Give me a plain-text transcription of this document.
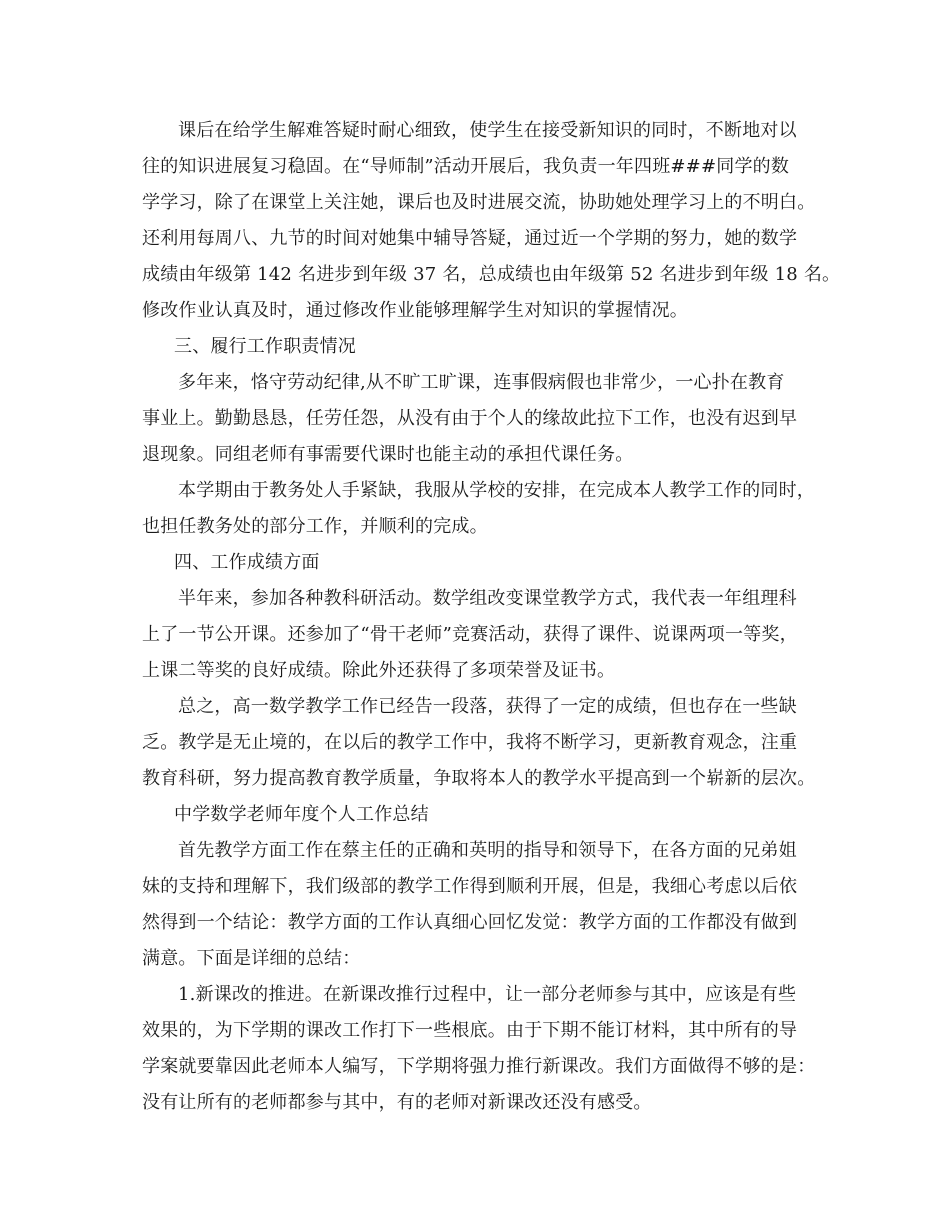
课后在给学生解难答疑时耐心细致，使学生在接受新知识的同时，不断地对以
往的知识进展复习稳固。在“导师制”活动开展后，我负责一年四班###同学的数
学学习，除了在课堂上关注她，课后也及时进展交流，协助她处理学习上的不明白。
还利用每周八、九节的时间对她集中辅导答疑，通过近一个学期的努力，她的数学
成绩由年级第 142 名进步到年级 37 名，总成绩也由年级第 52 名进步到年级 18 名。
修改作业认真及时，通过修改作业能够理解学生对知识的掌握情况。
三、履行工作职责情况
多年来，恪守劳动纪律,从不旷工旷课，连事假病假也非常少，一心扑在教育
事业上。勤勤恳恳，任劳任怨，从没有由于个人的缘故此拉下工作，也没有迟到早
退现象。同组老师有事需要代课时也能主动的承担代课任务。
本学期由于教务处人手紧缺，我服从学校的安排，在完成本人教学工作的同时，
也担任教务处的部分工作，并顺利的完成。
四、工作成绩方面
半年来，参加各种教科研活动。数学组改变课堂教学方式，我代表一年组理科
上了一节公开课。还参加了“骨干老师”竞赛活动，获得了课件、说课两项一等奖，
上课二等奖的良好成绩。除此外还获得了多项荣誉及证书。
总之，高一数学教学工作已经告一段落，获得了一定的成绩，但也存在一些缺
乏。教学是无止境的，在以后的教学工作中，我将不断学习，更新教育观念，注重
教育科研，努力提高教育教学质量，争取将本人的教学水平提高到一个崭新的层次。
中学数学老师年度个人工作总结
首先教学方面工作在蔡主任的正确和英明的指导和领导下，在各方面的兄弟姐
妹的支持和理解下，我们级部的教学工作得到顺利开展，但是，我细心考虑以后依
然得到一个结论：教学方面的工作认真细心回忆发觉：教学方面的工作都没有做到
满意。下面是详细的总结：
1.新课改的推进。在新课改推行过程中，让一部分老师参与其中，应该是有些
效果的，为下学期的课改工作打下一些根底。由于下期不能订材料，其中所有的导
学案就要靠因此老师本人编写，下学期将强力推行新课改。我们方面做得不够的是：
没有让所有的老师都参与其中，有的老师对新课改还没有感受。
